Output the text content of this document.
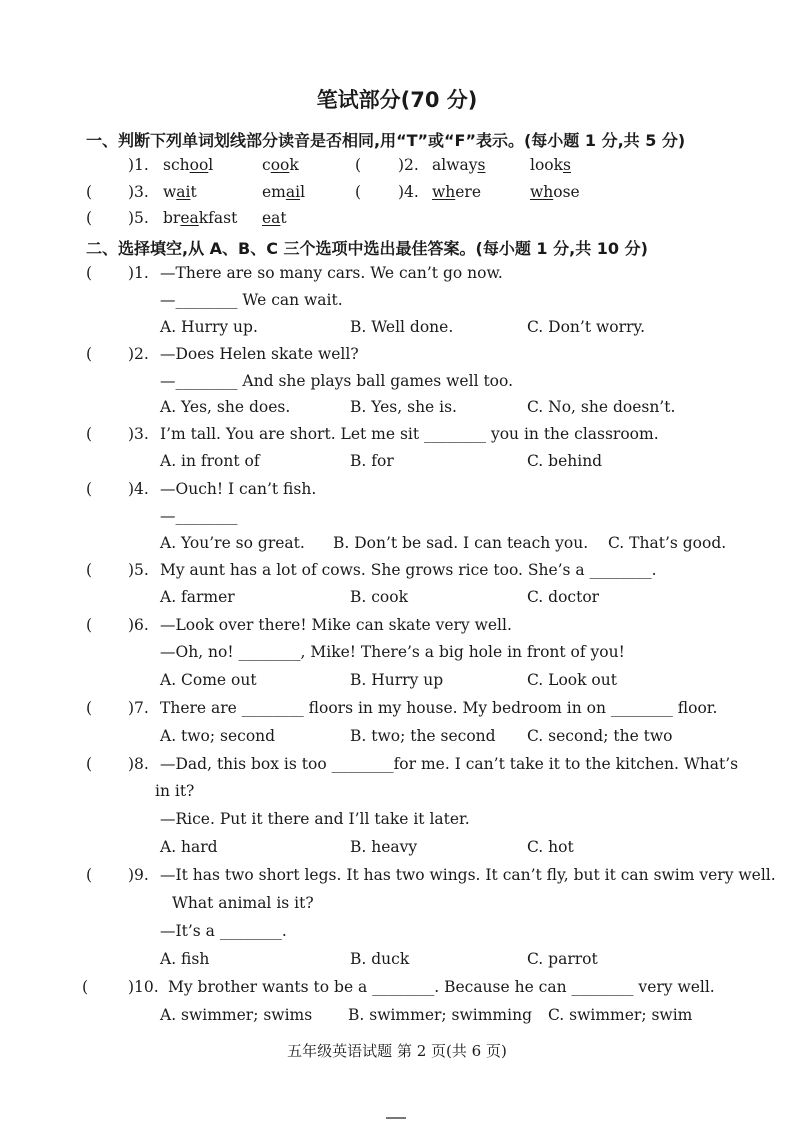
笔试部分(70 分)
一、判断下列单词划线部分读音是否相同,用“T”或“F”表示。(每小题 1 分,共 5 分)
)1. school	cook	( )2. always	looks
( )3. wait	email	( )4. where	whose
( )5. breakfast eat
二、选择填空,从 A、B、C 三个选项中选出最佳答案。(每小题 1 分,共 10 分)
( )1. —There are so many cars. We can’t go now.
—________ We can wait.
A. Hurry up.	B. Well done.	C. Don’t worry.
( )2. —Does Helen skate well?
—________ And she plays ball games well too.
A. Yes, she does.	B. Yes, she is.	C. No, she doesn’t.
( )3. I’m tall. You are short. Let me sit ________ you in the classroom.
A. in front of	B. for	C. behind
( )4. —Ouch! I can’t fish.
—________
A. You’re so great. B. Don’t be sad. I can teach you. C. That’s good.
( )5. My aunt has a lot of cows. She grows rice too. She’s a ________.
A. farmer	B. cook	C. doctor
( )6. —Look over there! Mike can skate very well.
—Oh, no! ________, Mike! There’s a big hole in front of you!
A. Come out	B. Hurry up	C. Look out
( )7. There are ________ floors in my house. My bedroom in on ________ floor.
A. two; second	B. two; the second C. second; the two
( )8. —Dad, this box is too ________for me. I can’t take it to the kitchen. What’s
in it?
—Rice. Put it there and I’ll take it later.
A. hard	B. heavy	C. hot
( )9. —It has two short legs. It has two wings. It can’t fly, but it can swim very well.
What animal is it?
—It’s a ________.
A. fish	B. duck	C. parrot
(	)10. My brother wants to be a ________. Because he can ________ very well.
A. swimmer; swims B. swimmer; swimming C. swimmer; swim
五年级英语试题 第 2 页(共 6 页)
